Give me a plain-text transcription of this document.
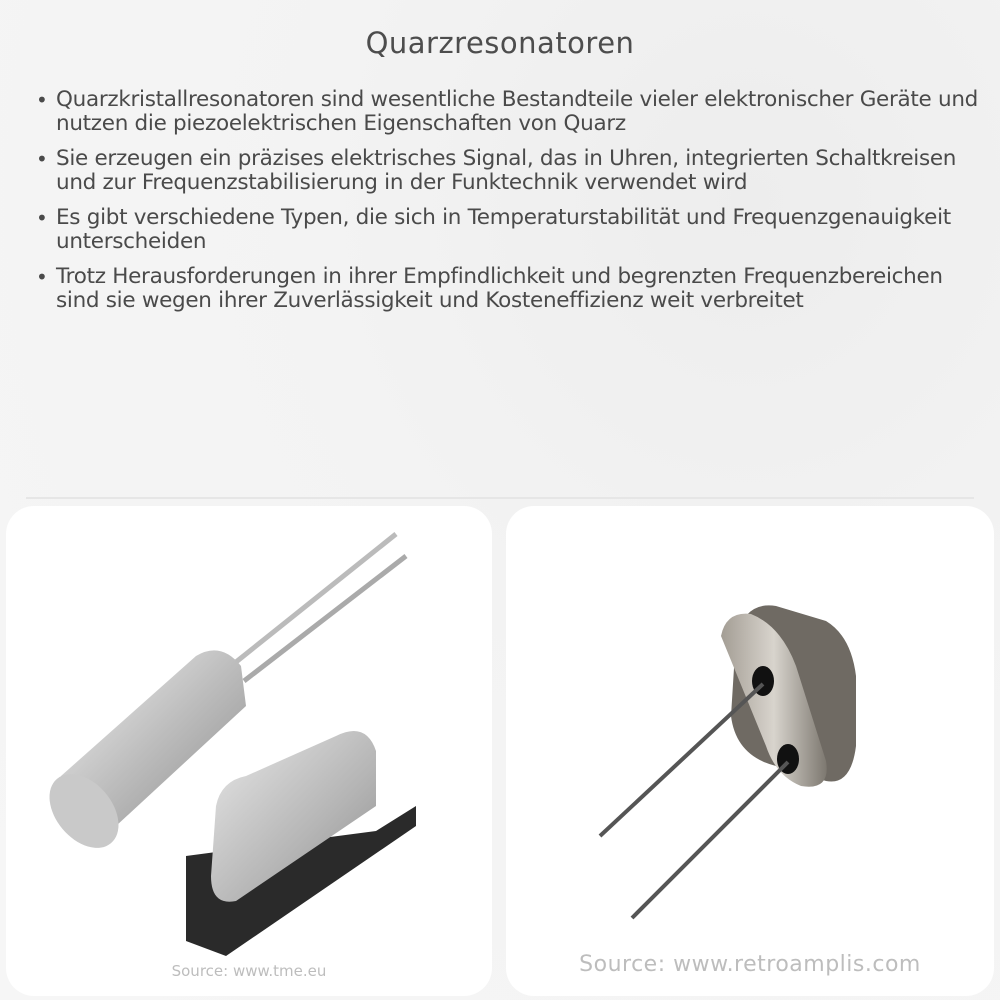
Quarzresonatoren
• Quarzkristallresonatoren sind wesentliche Bestandteile vieler elektronischer Geräte und nutzen die piezoelektrischen Eigenschaften von Quarz
• Sie erzeugen ein präzises elektrisches Signal, das in Uhren, integrierten Schaltkreisen und zur Frequenzstabilisierung in der Funktechnik verwendet wird
• Es gibt verschiedene Typen, die sich in Temperaturstabilität und Frequenzgenauigkeit unterscheiden
• Trotz Herausforderungen in ihrer Empfindlichkeit und begrenzten Frequenzbereichen sind sie wegen ihrer Zuverlässigkeit und Kosteneffizienz weit verbreitet
Source: www.tme.eu	Source: www.retroamplis.com
